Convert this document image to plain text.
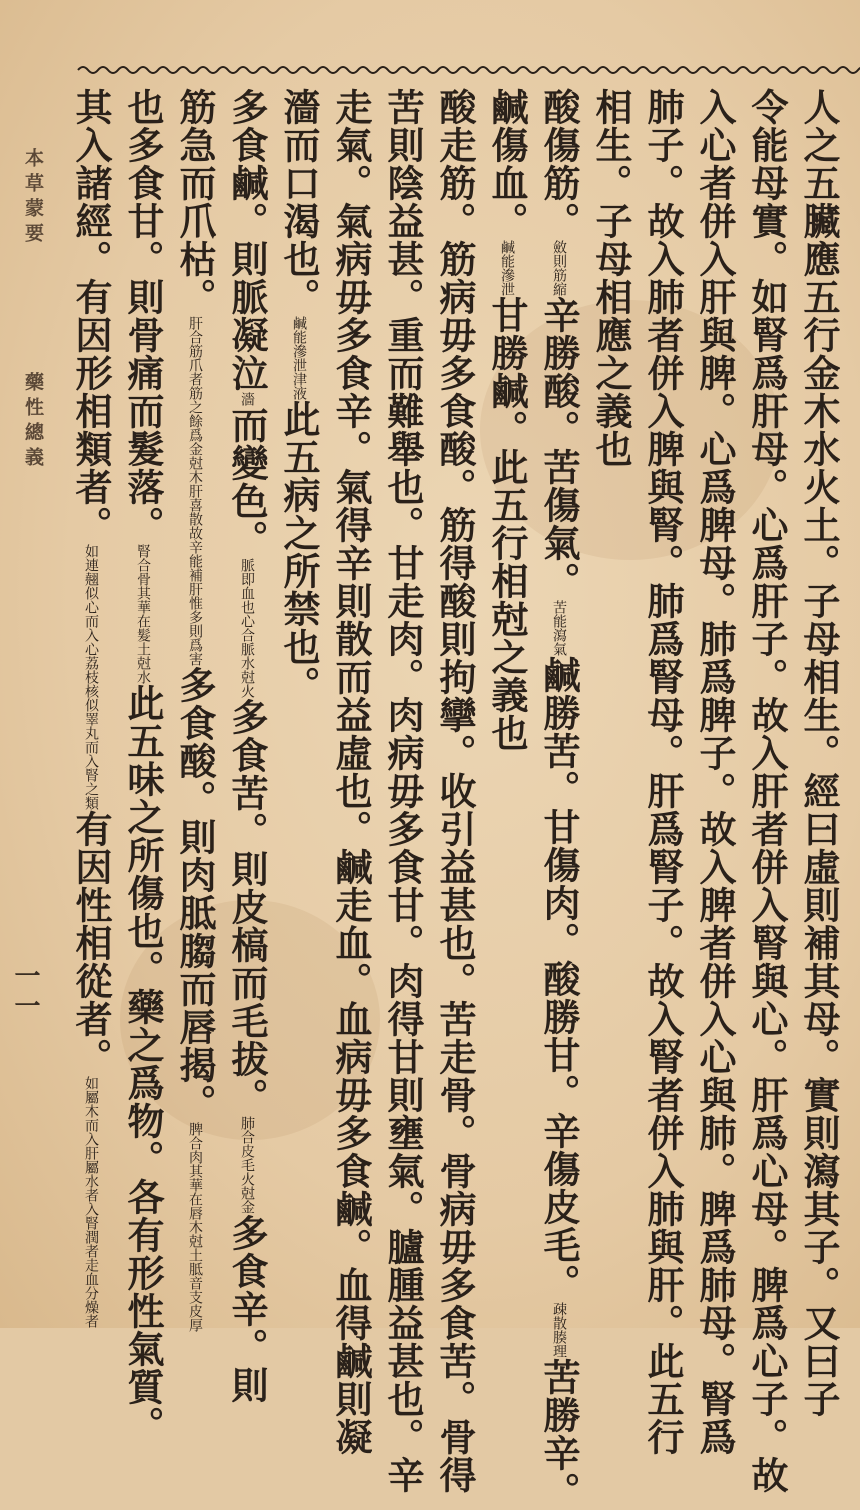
本草蒙要
藥性總義
一一	人之五臟應五行金木水火土。子母相生。經曰虛則補其母。實則瀉其子。又曰子
令能母實。如腎爲肝母。心爲肝子。故入肝者併入腎與心。肝爲心母。脾爲心子。故
入心者併入肝與脾。心爲脾母。肺爲脾子。故入脾者併入心與肺。脾爲肺母。腎爲
肺子。故入肺者併入脾與腎。肺爲腎母。肝爲腎子。故入腎者併入肺與肝。此五行
相生。子母相應之義也
酸傷筋。斂則筋縮辛勝酸。苦傷氣。苦能瀉氣鹹勝苦。甘傷肉。酸勝甘。辛傷皮毛。疎散腠理苦勝辛。
鹹傷血。鹹能滲泄甘勝鹹。此五行相尅之義也
酸走筋。筋病毋多食酸。筋得酸則拘攣。收引益甚也。苦走骨。骨病毋多食苦。骨得
苦則陰益甚。重而難舉也。甘走肉。肉病毋多食甘。肉得甘則壅氣。臚腫益甚也。辛
走氣。氣病毋多食辛。氣得辛則散而益虛也。鹹走血。血病毋多食鹹。血得鹹則凝
濇而口渴也。鹹能滲泄津液此五病之所禁也。
多食鹹。則脈凝泣濇而變色。脈即血也心合脈水尅火多食苦。則皮槁而毛拔。肺合皮毛火尅金多食辛。則
筋急而爪枯。肝合筋爪者筋之餘爲金尅木肝喜散故辛能補肝惟多則爲害多食酸。則肉胝䐢而唇揭。脾合肉其華在唇木尅土胝音支皮厚
也多食甘。則骨痛而髮落。腎合骨其華在髮土尅水此五味之所傷也。藥之爲物。各有形性氣質。
其入諸經。有因形相類者。如連翹似心而入心荔枝核似睪丸而入腎之類有因性相從者。如屬木而入肝屬水者入腎潤者走血分燥者
